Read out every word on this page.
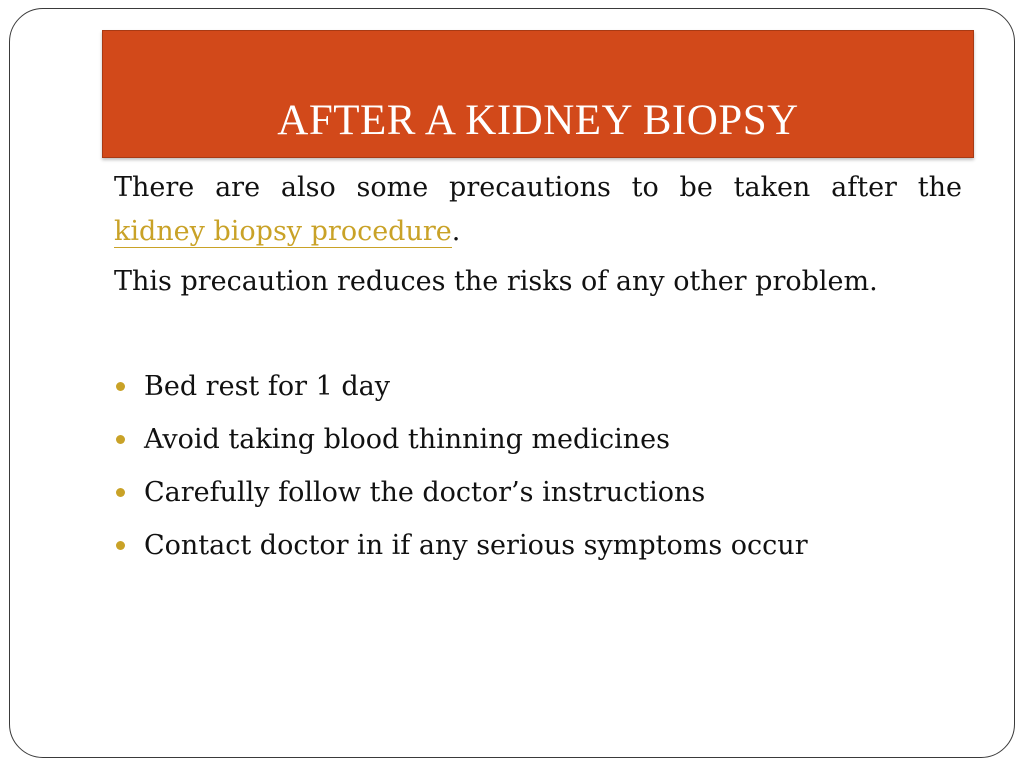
AFTER A KIDNEY BIOPSY
There are also some precautions to be taken after the
kidney biopsy procedure.
This precaution reduces the risks of any other problem.
Bed rest for 1 day
Avoid taking blood thinning medicines
Carefully follow the doctor’s instructions
Contact doctor in if any serious symptoms occur
